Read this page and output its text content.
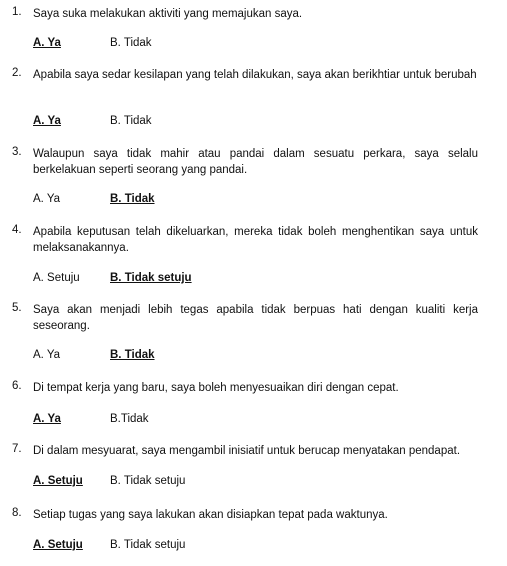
1. Saya suka melakukan aktiviti yang memajukan saya.
A. Ya	B. Tidak
2. Apabila saya sedar kesilapan yang telah dilakukan, saya akan berikhtiar untuk berubah
A. Ya	B. Tidak
3. Walaupun saya tidak mahir atau pandai dalam sesuatu perkara, saya selalu berkelakuan seperti seorang yang pandai.
A. Ya	B. Tidak
4. Apabila keputusan telah dikeluarkan, mereka tidak boleh menghentikan saya untuk melaksanakannya.
A. Setuju	B. Tidak setuju
5. Saya akan menjadi lebih tegas apabila tidak berpuas hati dengan kualiti kerja seseorang.
A. Ya	B. Tidak
6. Di tempat kerja yang baru, saya boleh menyesuaikan diri dengan cepat.
A. Ya	B.Tidak
7. Di dalam mesyuarat, saya mengambil inisiatif untuk berucap menyatakan pendapat.
A. Setuju B. Tidak setuju
8. Setiap tugas yang saya lakukan akan disiapkan tepat pada waktunya.
A. Setuju B. Tidak setuju
